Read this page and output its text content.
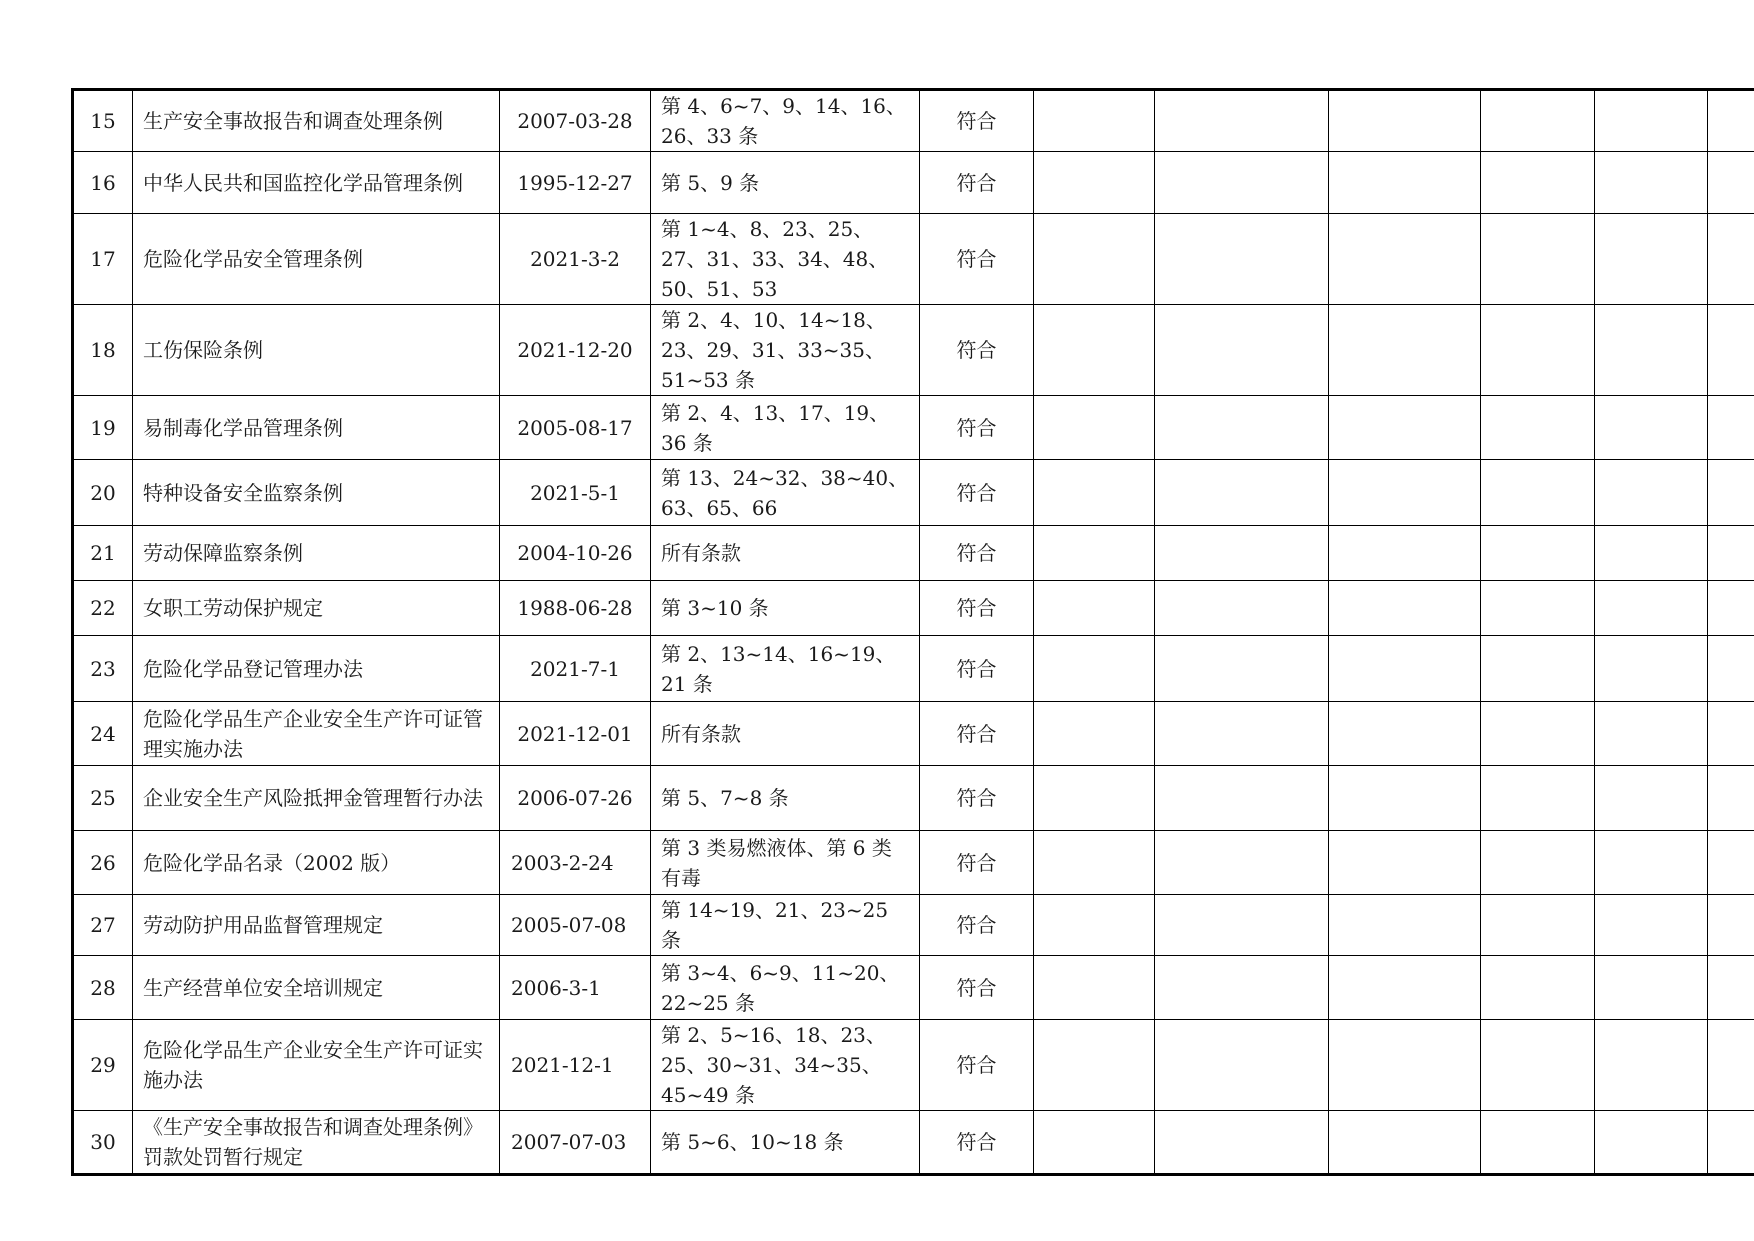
15	生产安全事故报告和调查处理条例	2007-03-28	第 4、6~7、9、14、16、26、33 条	符合						
16	中华人民共和国监控化学品管理条例	1995-12-27	第 5、9 条	符合						
17	危险化学品安全管理条例	2021-3-2	第 1~4、8、23、25、27、31、33、34、48、50、51、53	符合						
18	工伤保险条例	2021-12-20	第 2、4、10、14~18、23、29、31、33~35、51~53 条	符合						
19	易制毒化学品管理条例	2005-08-17	第 2、4、13、17、19、36 条	符合						
20	特种设备安全监察条例	2021-5-1	第 13、24~32、38~40、63、65、66	符合						
21	劳动保障监察条例	2004-10-26	所有条款	符合						
22	女职工劳动保护规定	1988-06-28	第 3~10 条	符合						
23	危险化学品登记管理办法	2021-7-1	第 2、13~14、16~19、21 条	符合						
24	危险化学品生产企业安全生产许可证管理实施办法	2021-12-01	所有条款	符合						
25	企业安全生产风险抵押金管理暂行办法	2006-07-26	第 5、7~8 条	符合						
26	危险化学品名录（2002 版）	2003-2-24	第 3 类易燃液体、第 6 类有毒	符合						
27	劳动防护用品监督管理规定	2005-07-08	第 14~19、21、23~25 条	符合						
28	生产经营单位安全培训规定	2006-3-1	第 3~4、6~9、11~20、22~25 条	符合						
29	危险化学品生产企业安全生产许可证实施办法	2021-12-1	第 2、5~16、18、23、25、30~31、34~35、45~49 条	符合						
30	《生产安全事故报告和调查处理条例》罚款处罚暂行规定	2007-07-03	第 5~6、10~18 条	符合						
